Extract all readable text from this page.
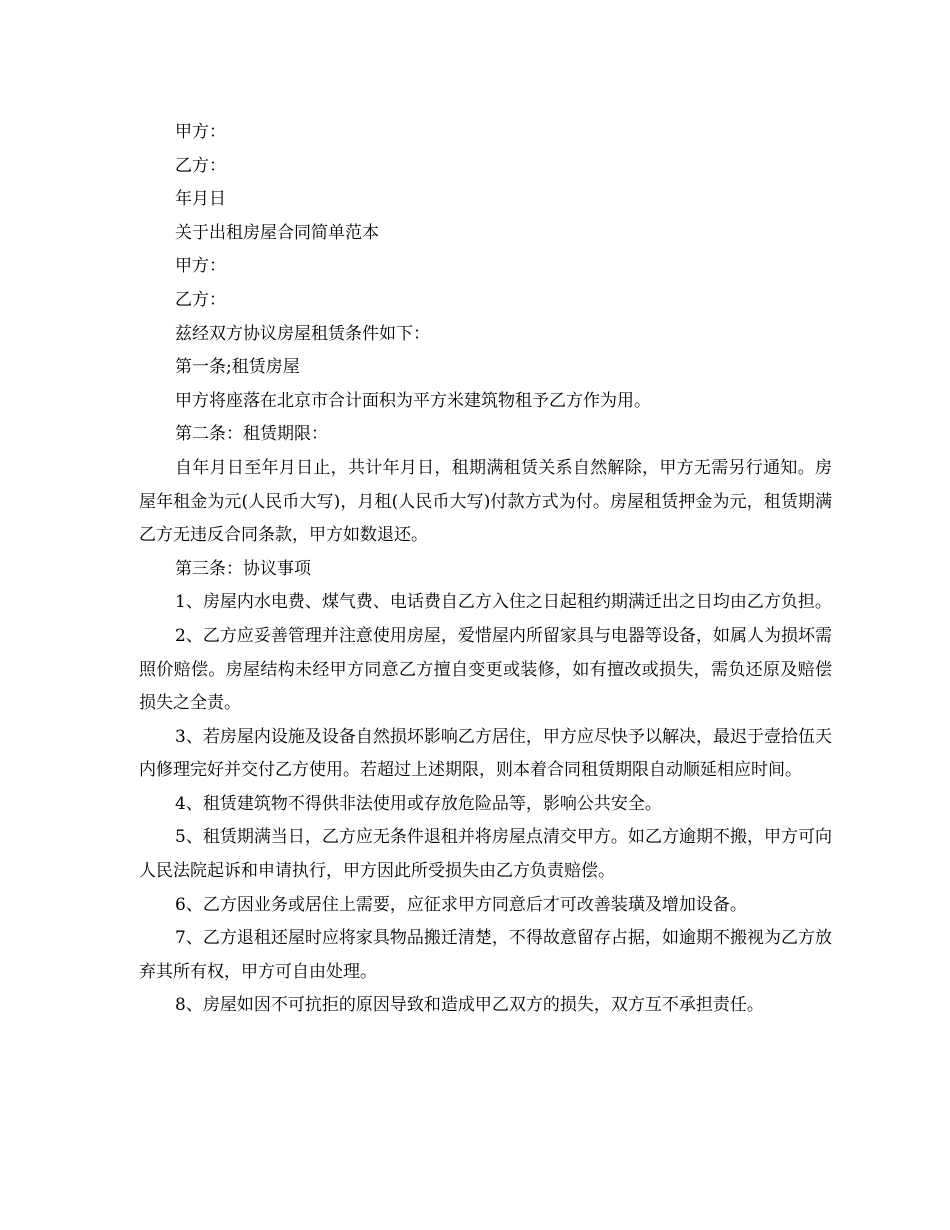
甲方：

乙方：

年月日

关于出租房屋合同简单范本

甲方：

乙方：

兹经双方协议房屋租赁条件如下：

第一条;租赁房屋

甲方将座落在北京市合计面积为平方米建筑物租予乙方作为用。

第二条：租赁期限：

自年月日至年月日止，共计年月日，租期满租赁关系自然解除，甲方无需另行通知。房屋年租金为元(人民币大写)，月租(人民币大写)付款方式为付。房屋租赁押金为元，租赁期满乙方无违反合同条款，甲方如数退还。

第三条：协议事项

1、房屋内水电费、煤气费、电话费自乙方入住之日起租约期满迁出之日均由乙方负担。

2、乙方应妥善管理并注意使用房屋，爱惜屋内所留家具与电器等设备，如属人为损坏需照价赔偿。房屋结构未经甲方同意乙方擅自变更或装修，如有擅改或损失，需负还原及赔偿损失之全责。

3、若房屋内设施及设备自然损坏影响乙方居住，甲方应尽快予以解决，最迟于壹拾伍天内修理完好并交付乙方使用。若超过上述期限，则本着合同租赁期限自动顺延相应时间。

4、租赁建筑物不得供非法使用或存放危险品等，影响公共安全。

5、租赁期满当日，乙方应无条件退租并将房屋点清交甲方。如乙方逾期不搬，甲方可向人民法院起诉和申请执行，甲方因此所受损失由乙方负责赔偿。

6、乙方因业务或居住上需要，应征求甲方同意后才可改善装璜及增加设备。

7、乙方退租还屋时应将家具物品搬迁清楚，不得故意留存占据，如逾期不搬视为乙方放弃其所有权，甲方可自由处理。

8、房屋如因不可抗拒的原因导致和造成甲乙双方的损失，双方互不承担责任。
